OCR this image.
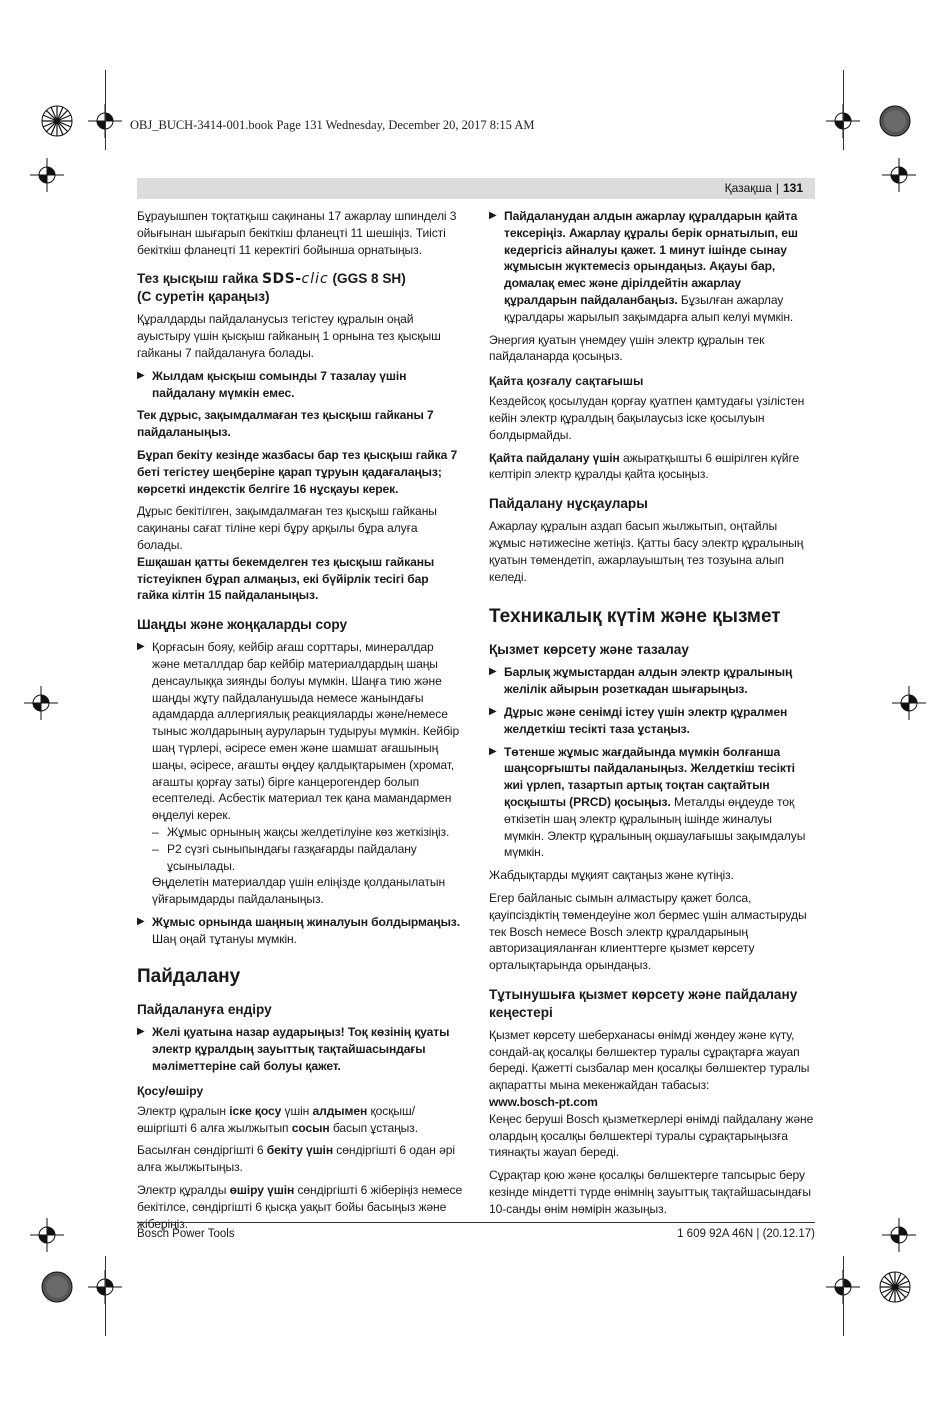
OBJ_BUCH-3414-001.book Page 131 Wednesday, December 20, 2017 8:15 AM
Қазақша | 131

Бұрауышпен тоқтатқыш сақинаны 17 ажарлау шпинделі 3 ойығынан шығарып бекіткіш фланецті 11 шешіңіз. Тиісті бекіткіш фланецті 11 керектігі бойынша орнатыңыз.

Тез қысқыш гайка SDS-clic (GGS 8 SH)
(С суретін қараңыз)

Құралдарды пайдаланусыз тегістеу құралын оңай ауыстыру үшін қысқыш гайканың 1 орнына тез қысқыш гайканы 7 пайдалануға болады.

▶ Жылдам қысқыш сомынды 7 тазалау үшін пайдалану мүмкін емес.

Тек дұрыс, зақымдалмаған тез қысқыш гайканы 7 пайдаланыңыз.

Бұрап бекіту кезінде жазбасы бар тез қысқыш гайка 7 беті тегістеу шеңберіне қарап тұруын қадағалаңыз; көрсеткі индекстік белгіге 16 нұсқауы керек.

Дұрыс бекітілген, зақымдалмаған тез қысқыш гайканы сақинаны сағат тіліне кері бұру арқылы бұра алуға болады.

Ешқашан қатты бекемделген тез қысқыш гайканы тістеуікпен бұрап алмаңыз, екі бүйірлік тесігі бар гайка кілтін 15 пайдаланыңыз.

Шаңды және жоңқаларды сору

▶ Қорғасын бояу, кейбір ағаш сорттары, минералдар және металлдар бар кейбір материалдардың шаңы денсаулыққа зиянды болуы мүмкін. Шаңға тию және шаңды жұту пайдаланушыда немесе жанындағы адамдарда аллергиялық реакцияларды және/немесе тыныс жолдарының ауруларын тудыруы мүмкін. Кейбір шаң түрлері, әсіресе емен және шамшат ағашының шаңы, әсіресе, ағашты өңдеу қалдықтарымен (хромат, ағашты қорғау заты) бірге канцерогендер болып есептеледі. Асбестік материал тек қана мамандармен өңделуі керек.

– Жұмыс орнының жақсы желдетілуіне көз жеткізіңіз.

– P2 сүзгі сыныпындағы газқағарды пайдалану ұсынылады.

Өңделетін материалдар үшін еліңізде қолданылатын үйғарымдарды пайдаланыңыз.

▶ Жұмыс орнында шаңның жиналуын болдырмаңыз.
Шаң оңай тұтануы мүмкін.

Пайдалану
Пайдалануға ендіру

▶ Желі қуатына назар аударыңыз! Тоқ көзінің қуаты электр құралдың зауыттық тақтайшасындағы мәліметтеріне сай болуы қажет.

Қосу/өшіру

Электр құралын іске қосу үшін алдымен қосқыш/өшіргішті 6 алға жылжытып сосын басып ұстаңыз.

Басылған сөндіргішті 6 бекіту үшін сөндіргішті 6 одан әрі алға жылжытыңыз.

Электр құралды өшіру үшін сөндіргішті 6 жіберіңіз немесе бекітілсе, сөндіргішті 6 қысқа уақыт бойы басыңыз және жіберіңіз.

▶ Пайдаланудан алдын ажарлау құралдарын қайта тексеріңіз. Ажарлау құралы берік орнатылып, еш кедергісіз айналуы қажет. 1 минут ішінде сынау жұмысын жүктемесіз орындаңыз. Ақауы бар, домалақ емес және дірілдейтін ажарлау құралдарын пайдаланбаңыз. Бұзылған ажарлау құралдары жарылып зақымдарға алып келуі мүмкін.

Энергия қуатын үнемдеу үшін электр құралын тек пайдаланарда қосыңыз.

Қайта қозғалу сақтағышы

Кездейсоқ қосылудан қорғау қуатпен қамтудағы үзілістен кейін электр құралдың бақылаусыз іске қосылуын болдырмайды.

Қайта пайдалану үшін ажыратқышты 6 өшірілген күйге келтіріп электр құралды қайта қосыңыз.

Пайдалану нұсқаулары

Ажарлау құралын аздап басып жылжытып, оңтайлы жұмыс нәтижесіне жетіңіз. Қатты басу электр құралының қуатын төмендетіп, ажарлауыштың тез тозуына алып келеді.

Техникалық күтім және қызмет
Қызмет көрсету және тазалау

▶ Барлық жұмыстардан алдын электр құралының желілік айырын розеткадан шығарыңыз.

▶ Дұрыс және сенімді істеу үшін электр құралмен желдеткіш тесікті таза ұстаңыз.

▶ Төтенше жұмыс жағдайында мүмкін болғанша шаңсорғышты пайдаланыңыз. Желдеткіш тесікті жиі үрлеп, тазартып артық тоқтан сақтайтын қосқышты (PRCD) қосыңыз. Металды өңдеуде тоқ өткізетін шаң электр құралының ішінде жиналуы мүмкін. Электр құралының оқшаулағышы зақымдалуы мүмкін.

Жабдықтарды мұқият сақтаңыз және күтіңіз.

Егер байланыс сымын алмастыру қажет болса, қауіпсіздіктің төмендеуіне жол бермес үшін алмастыруды тек Bosch немесе Bosch электр құралдарының авторизацияланған клиенттерге қызмет көрсету орталықтарында орындаңыз.

Тұтынушыға қызмет көрсету және пайдалану кеңестері

Қызмет көрсету шеберханасы өнімді жөндеу және күту, сондай-ақ қосалқы бөлшектер туралы сұрақтарға жауап береді. Қажетті сызбалар мен қосалқы бөлшектер туралы ақпаратты мына мекенжайдан табасыз:

www.bosch-pt.com

Кеңес беруші Bosch қызметкерлері өнімді пайдалану және олардың қосалқы бөлшектері туралы сұрақтарыңызға тиянақты жауап береді.

Сұрақтар қою және қосалқы бөлшектерге тапсырыс беру кезінде міндетті түрде өнімнің зауыттық тақтайшасындағы 10-санды өнім нөмірін жазыңыз.

Bosch Power Tools	1 609 92A 46N | (20.12.17)
